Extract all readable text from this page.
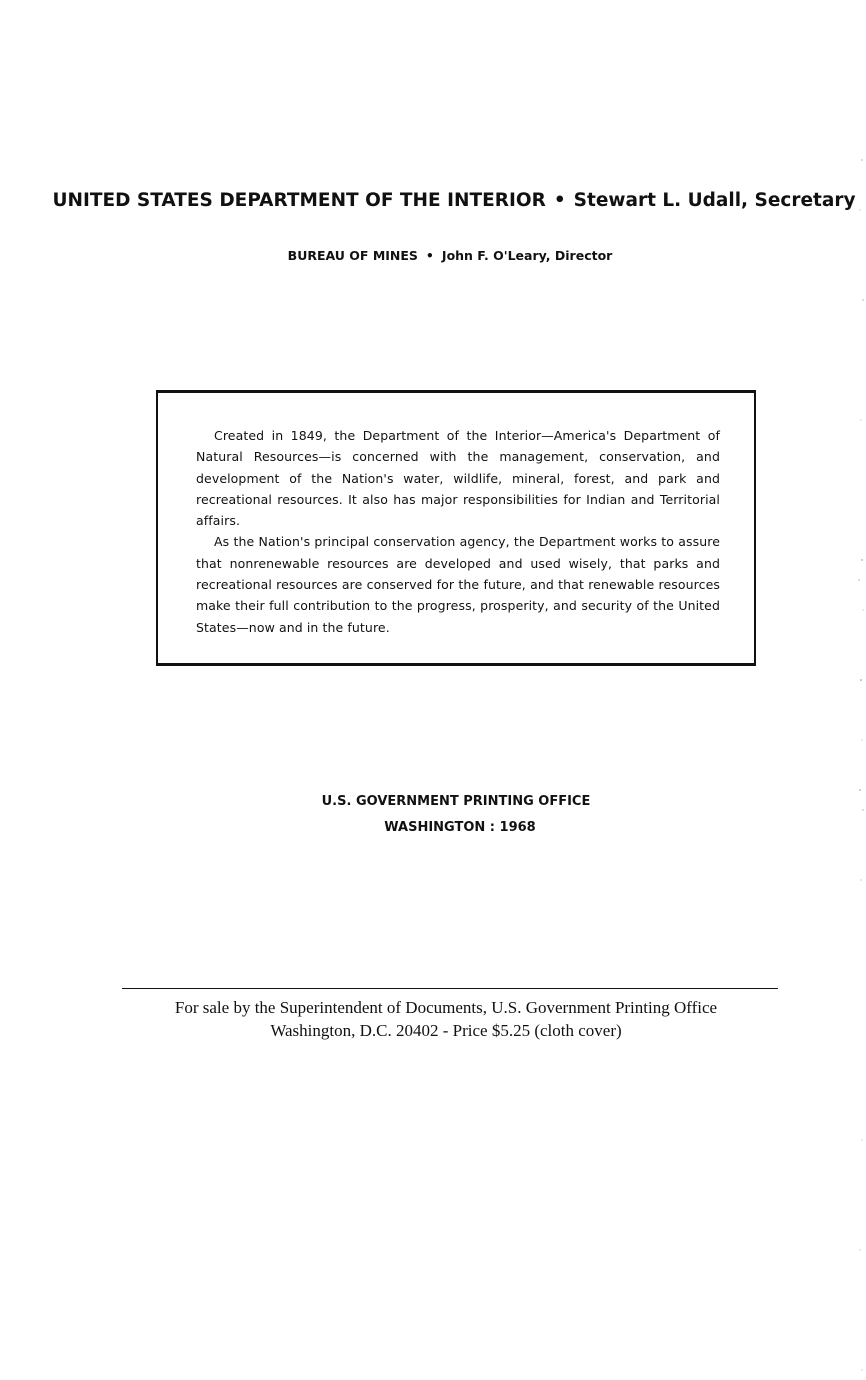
UNITED STATES DEPARTMENT OF THE INTERIOR • Stewart L. Udall, Secretary
BUREAU OF MINES • John F. O'Leary, Director

Created in 1849, the Department of the Interior—America's Department of Natural Resources—is concerned with the management, conservation, and development of the Nation's water, wildlife, mineral, forest, and park and recreational resources. It also has major responsibilities for Indian and Territorial affairs.

As the Nation's principal conservation agency, the Department works to assure that nonrenewable resources are developed and used wisely, that parks and recreational resources are conserved for the future, and that renewable resources make their full contribution to the progress, prosperity, and security of the United States—now and in the future.

U.S. GOVERNMENT PRINTING OFFICE
WASHINGTON : 1968
For sale by the Superintendent of Documents, U.S. Government Printing Office
Washington, D.C. 20402 - Price $5.25 (cloth cover)
